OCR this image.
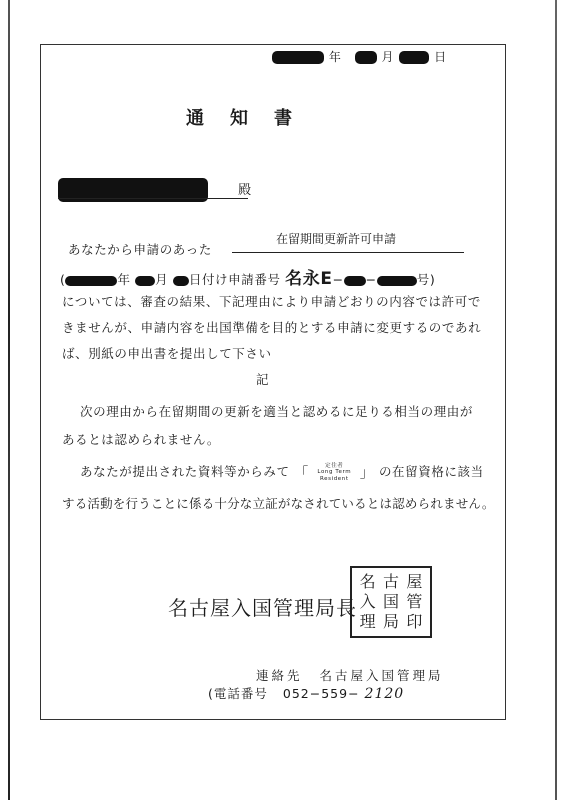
年	月	日
通知書
殿
在留期間更新許可申請
あなたから申請のあった
(	年 月 日付け申請番号 名永E− −	号)
については、審査の結果、下記理由により申請どおりの内容では許可で
きませんが、申請内容を出国準備を目的とする申請に変更するのであれ
ば、別紙の申出書を提出して下さい
記
次の理由から在留期間の更新を適当と認めるに足りる相当の理由が
あるとは認められません。
あなたが提出された資料等からみて 「	定住者
Long Term
Resident 」 の在留資格に該当
する活動を行うことに係る十分な立証がなされているとは認められません。
名古屋入国管理局長
名 古 屋
入 国 管
理 局 印
連絡先 名古屋入国管理局
(電話番号 052−559− 2120
